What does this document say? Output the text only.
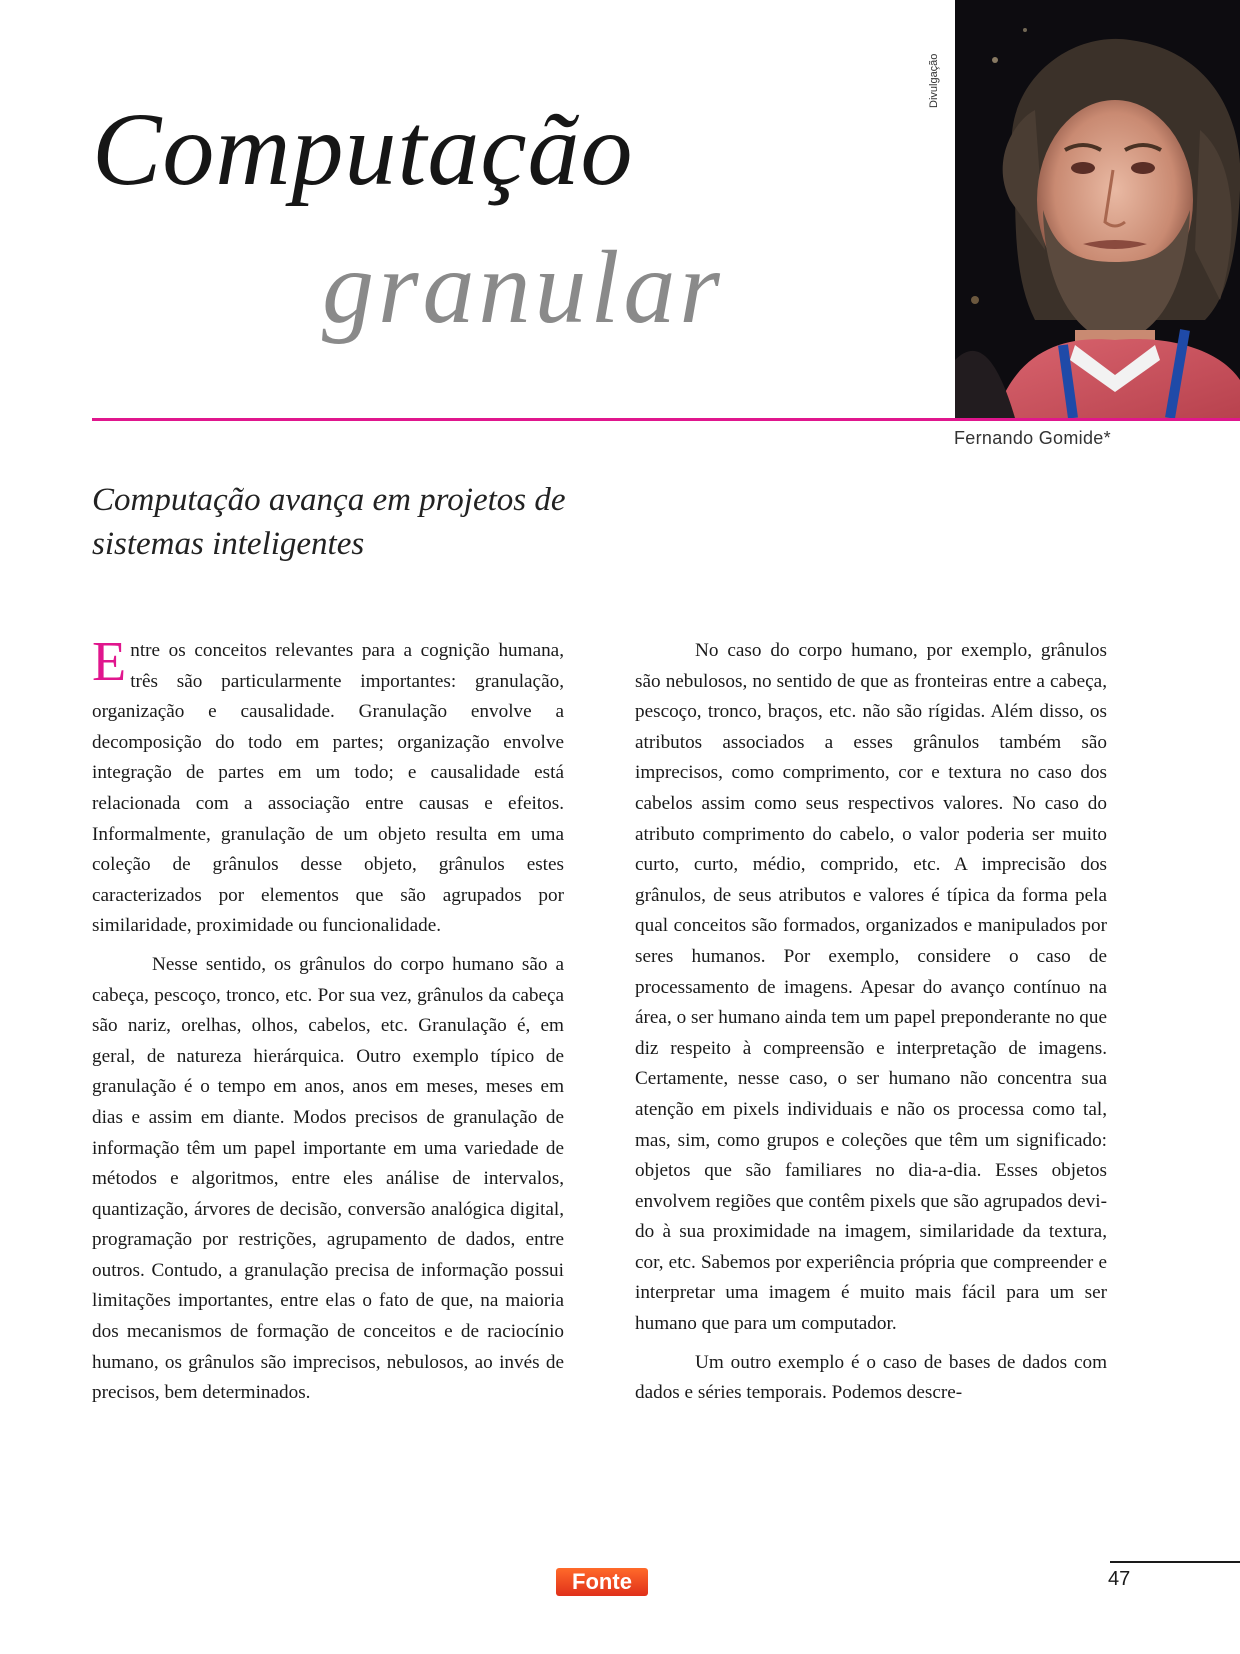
Computação
granular
Divulgação
Fernando Gomide*
Computação avança em projetos de
sistemas inteligentes

Entre os conceitos relevantes para a cognição humana, três são particularmente importantes: granulação, organização e causalidade. Granulação envolve a decomposição do todo em partes; organização envolve integração de partes em um todo; e causalidade está relacionada com a associação entre causas e efeitos. Informalmente, granulação de um objeto resulta em uma coleção de grânulos desse objeto, grânulos estes caracterizados por elementos que são agrupados por similaridade, proximidade ou funcionalidade.

Nesse sentido, os grânulos do corpo humano são a cabeça, pescoço, tronco, etc. Por sua vez, grânulos da cabeça são nariz, orelhas, olhos, cabelos, etc. Granulação é, em geral, de natureza hierárquica. Outro exemplo típico de granulação é o tempo em anos, anos em meses, meses em dias e assim em diante. Modos precisos de granulação de informação têm um papel importante em uma variedade de métodos e algoritmos, entre eles análise de intervalos, quantização, árvores de decisão, conversão analógica digital, programação por restrições, agrupamento de dados, entre outros. Contudo, a granulação precisa de informação possui limitações importantes, entre elas o fato de que, na maioria dos mecanismos de formação de conceitos e de raciocínio humano, os grânulos são imprecisos, nebulosos, ao invés de precisos, bem determinados.

No caso do corpo humano, por exemplo, grânulos são nebulosos, no sentido de que as fronteiras entre a cabeça, pescoço, tronco, braços, etc. não são rígidas. Além disso, os atributos associados a esses grânulos também são imprecisos, como comprimento, cor e textura no caso dos cabelos assim como seus respectivos valores. No caso do atributo comprimento do cabelo, o valor poderia ser muito curto, curto, médio, comprido, etc. A imprecisão dos grânulos, de seus atributos e valores é típica da forma pela qual conceitos são formados, organizados e manipulados por seres humanos. Por exemplo, considere o caso de processamento de imagens. Apesar do avanço contínuo na área, o ser humano ainda tem um papel preponderante no que diz respeito à compreensão e interpretação de imagens. Certamente, nesse caso, o ser humano não concentra sua atenção em pixels individuais e não os processa como tal, mas, sim, como grupos e coleções que têm um significado: objetos que são familiares no dia-a-dia. Esses objetos envolvem regiões que contêm pixels que são agrupados devido à sua proximidade na imagem, similaridade da textura, cor, etc. Sabemos por experiência própria que compreender e interpretar uma imagem é muito mais fácil para um ser humano que para um computador.

Um outro exemplo é o caso de bases de dados com dados e séries temporais. Podemos descre-

Fonte	47
